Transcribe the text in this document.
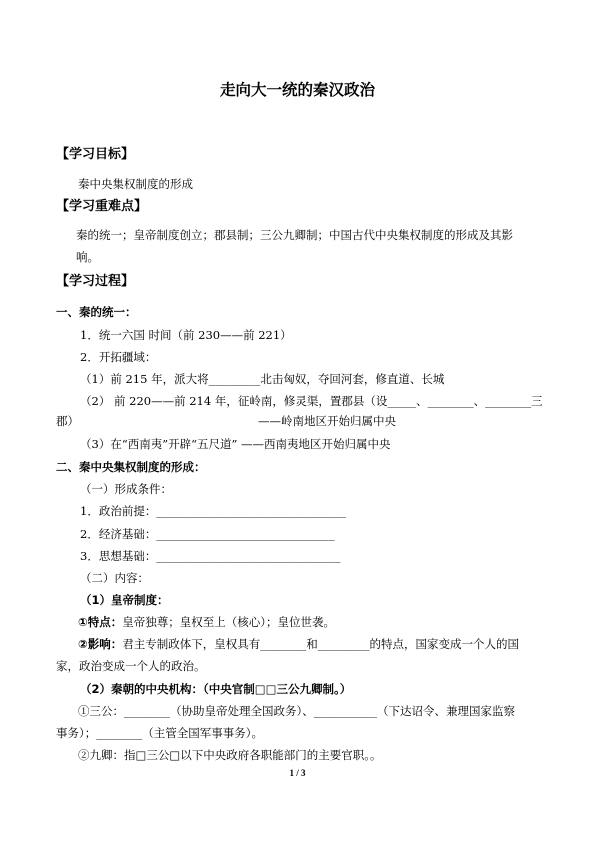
走向大一统的秦汉政治
【学习目标】
秦中央集权制度的形成
【学习重难点】
秦的统一；皇帝制度创立；郡县制；三公九卿制；中国古代中央集权制度的形成及其影
响。
【学习过程】
一、秦的统一：
1．统一六国 时间（前 230——前 221）
2．开拓疆域：
（1）前 215 年，派大将_________北击匈奴，夺回河套，修直道、长城
（2） 前 220——前 214 年，征岭南，修灵渠，置郡县（设_____、________、________三
郡）	——岭南地区开始归属中央
（3）在“西南夷”开辟“五尺道” ——西南夷地区开始归属中央
二、秦中央集权制度的形成：
（一）形成条件：
1．政治前提：_________________________________
2．经济基础：_______________________________
3．思想基础：________________________________
（二）内容：
（1）皇帝制度：
①特点：皇帝独尊；皇权至上（核心）；皇位世袭。
②影响：君主专制政体下，皇权具有________和_________的特点，国家变成一个人的国
家，政治变成一个人的政治。
（2）秦朝的中央机构：（中央官制□□三公九卿制。）
①三公：________（协助皇帝处理全国政务）、___________（下达诏令、兼理国家监察
事务）；________（主管全国军事事务）。
②九卿：指□三公□以下中央政府各职能部门的主要官职。。
1 / 3
